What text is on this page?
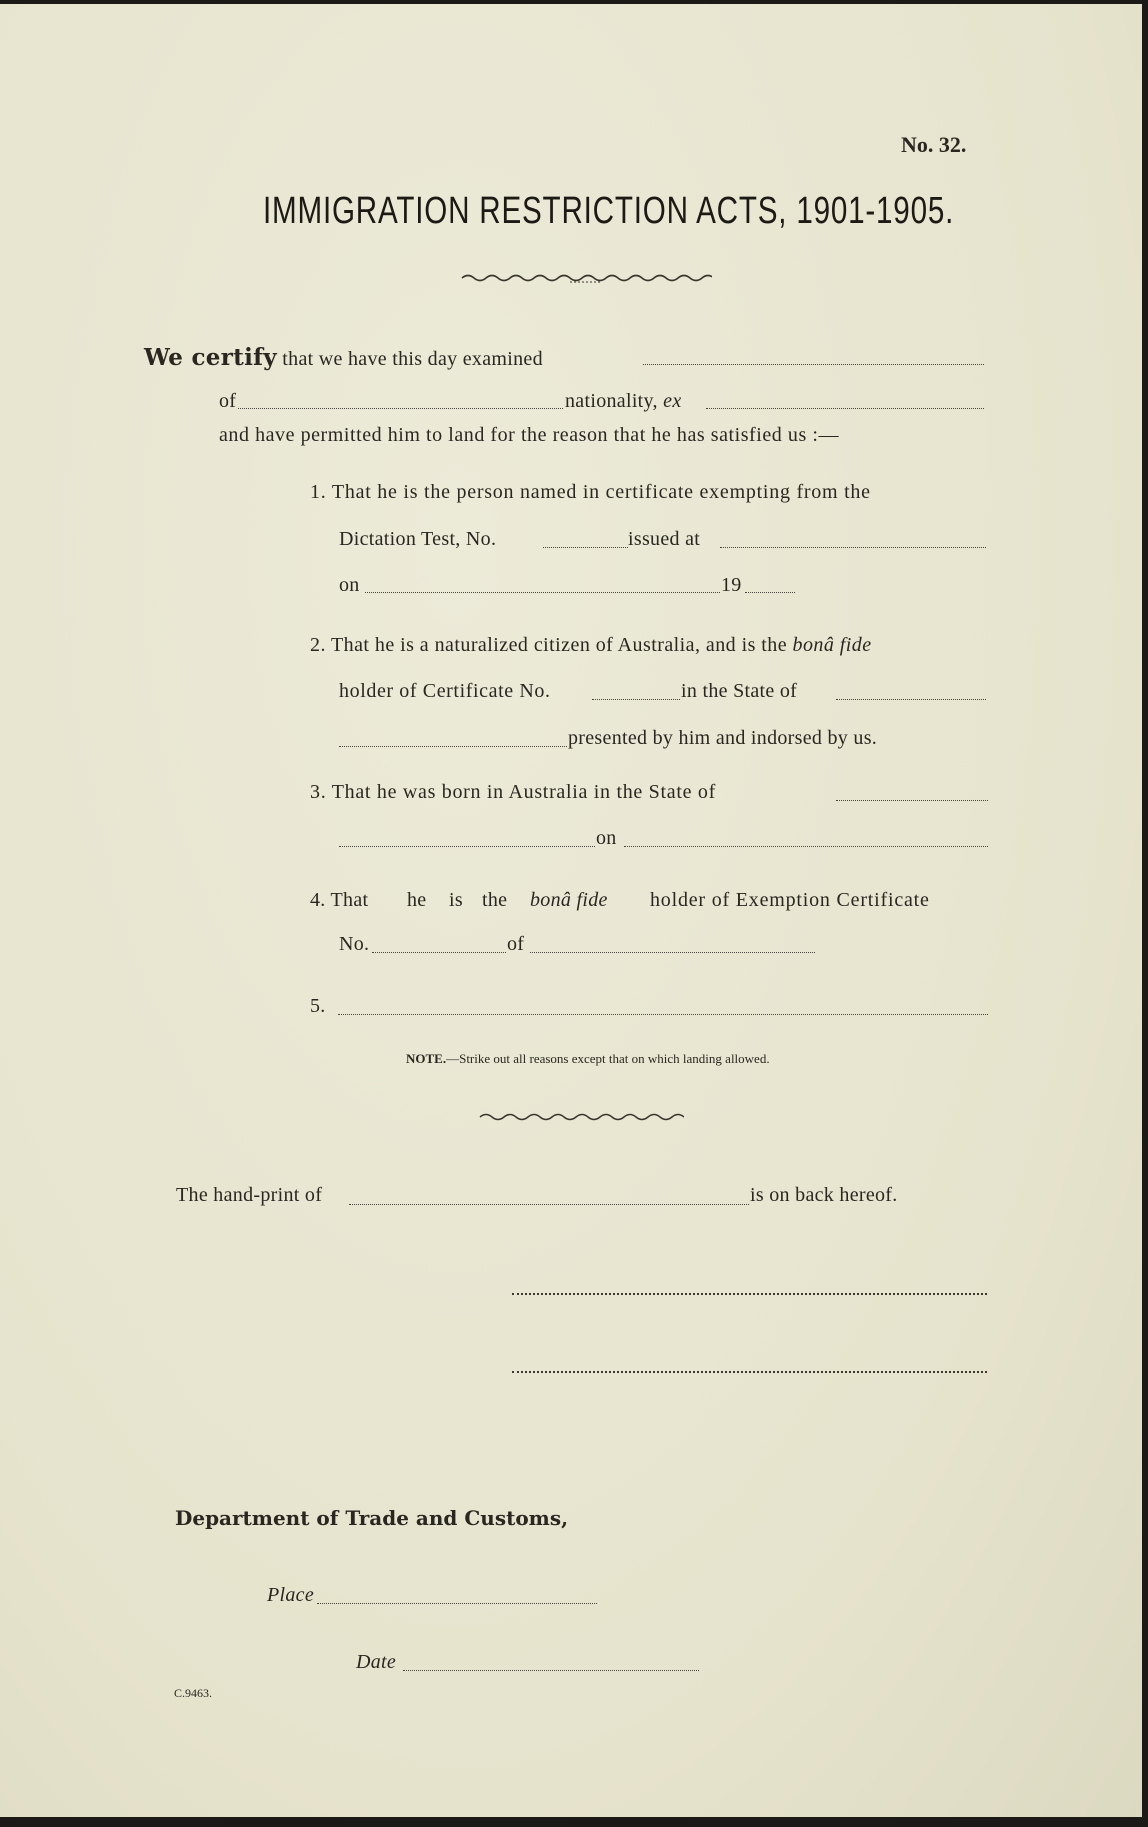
No. 32.
IMMIGRATION RESTRICTION ACTS, 1901-1905.
We certify that we have this day examined
of	nationality, ex
and have permitted him to land for the reason that he has satisfied us :—
1. That he is the person named in certificate exempting from the
Dictation Test, No.	issued at
on	19
2. That he is a naturalized citizen of Australia, and is the bonâ fide
holder of Certificate No.	in the State of
presented by him and indorsed by us.
3. That he was born in Australia in the State of
on
4. That he is the bonâ fide holder of Exemption Certificate
No.	of
5.
NOTE.—Strike out all reasons except that on which landing allowed.
The hand-print of	is on back hereof.
Department of Trade and Customs,
Place
Date
C.9463.
